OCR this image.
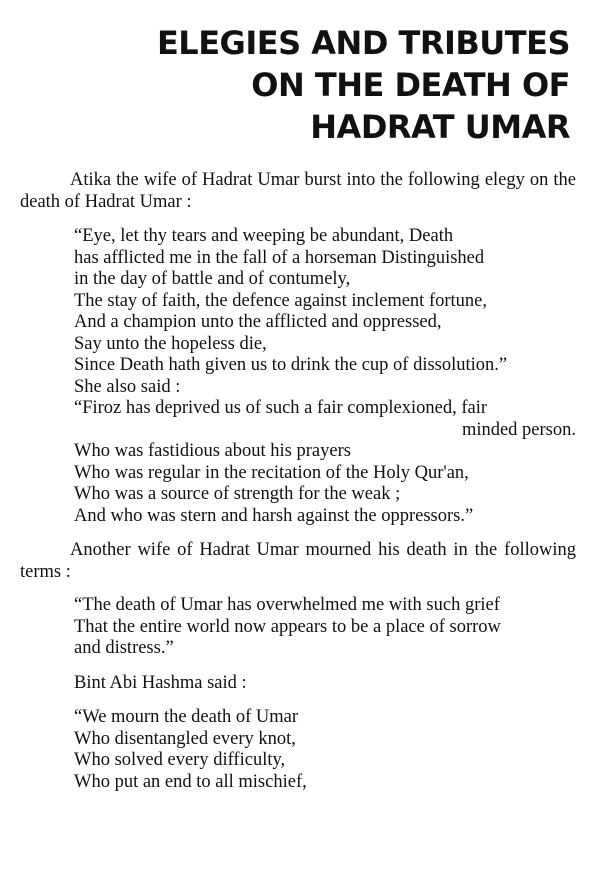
ELEGIES AND TRIBUTES
ON THE DEATH OF
HADRAT UMAR

Atika the wife of Hadrat Umar burst into the following elegy on the death of Hadrat Umar :

“Eye, let thy tears and weeping be abundant, Death
has afflicted me in the fall of a horseman Distinguished
in the day of battle and of contumely,
The stay of faith, the defence against inclement fortune,
And a champion unto the afflicted and oppressed,
Say unto the hopeless die,
Since Death hath given us to drink the cup of dissolution.”
She also said :
“Firoz has deprived us of such a fair complexioned, fair
minded person.
Who was fastidious about his prayers
Who was regular in the recitation of the Holy Qur'an,
Who was a source of strength for the weak ;
And who was stern and harsh against the oppressors.”

Another wife of Hadrat Umar mourned his death in the following terms :

“The death of Umar has overwhelmed me with such grief
That the entire world now appears to be a place of sorrow
and distress.”
Bint Abi Hashma said :
“We mourn the death of Umar
Who disentangled every knot,
Who solved every difficulty,
Who put an end to all mischief,
